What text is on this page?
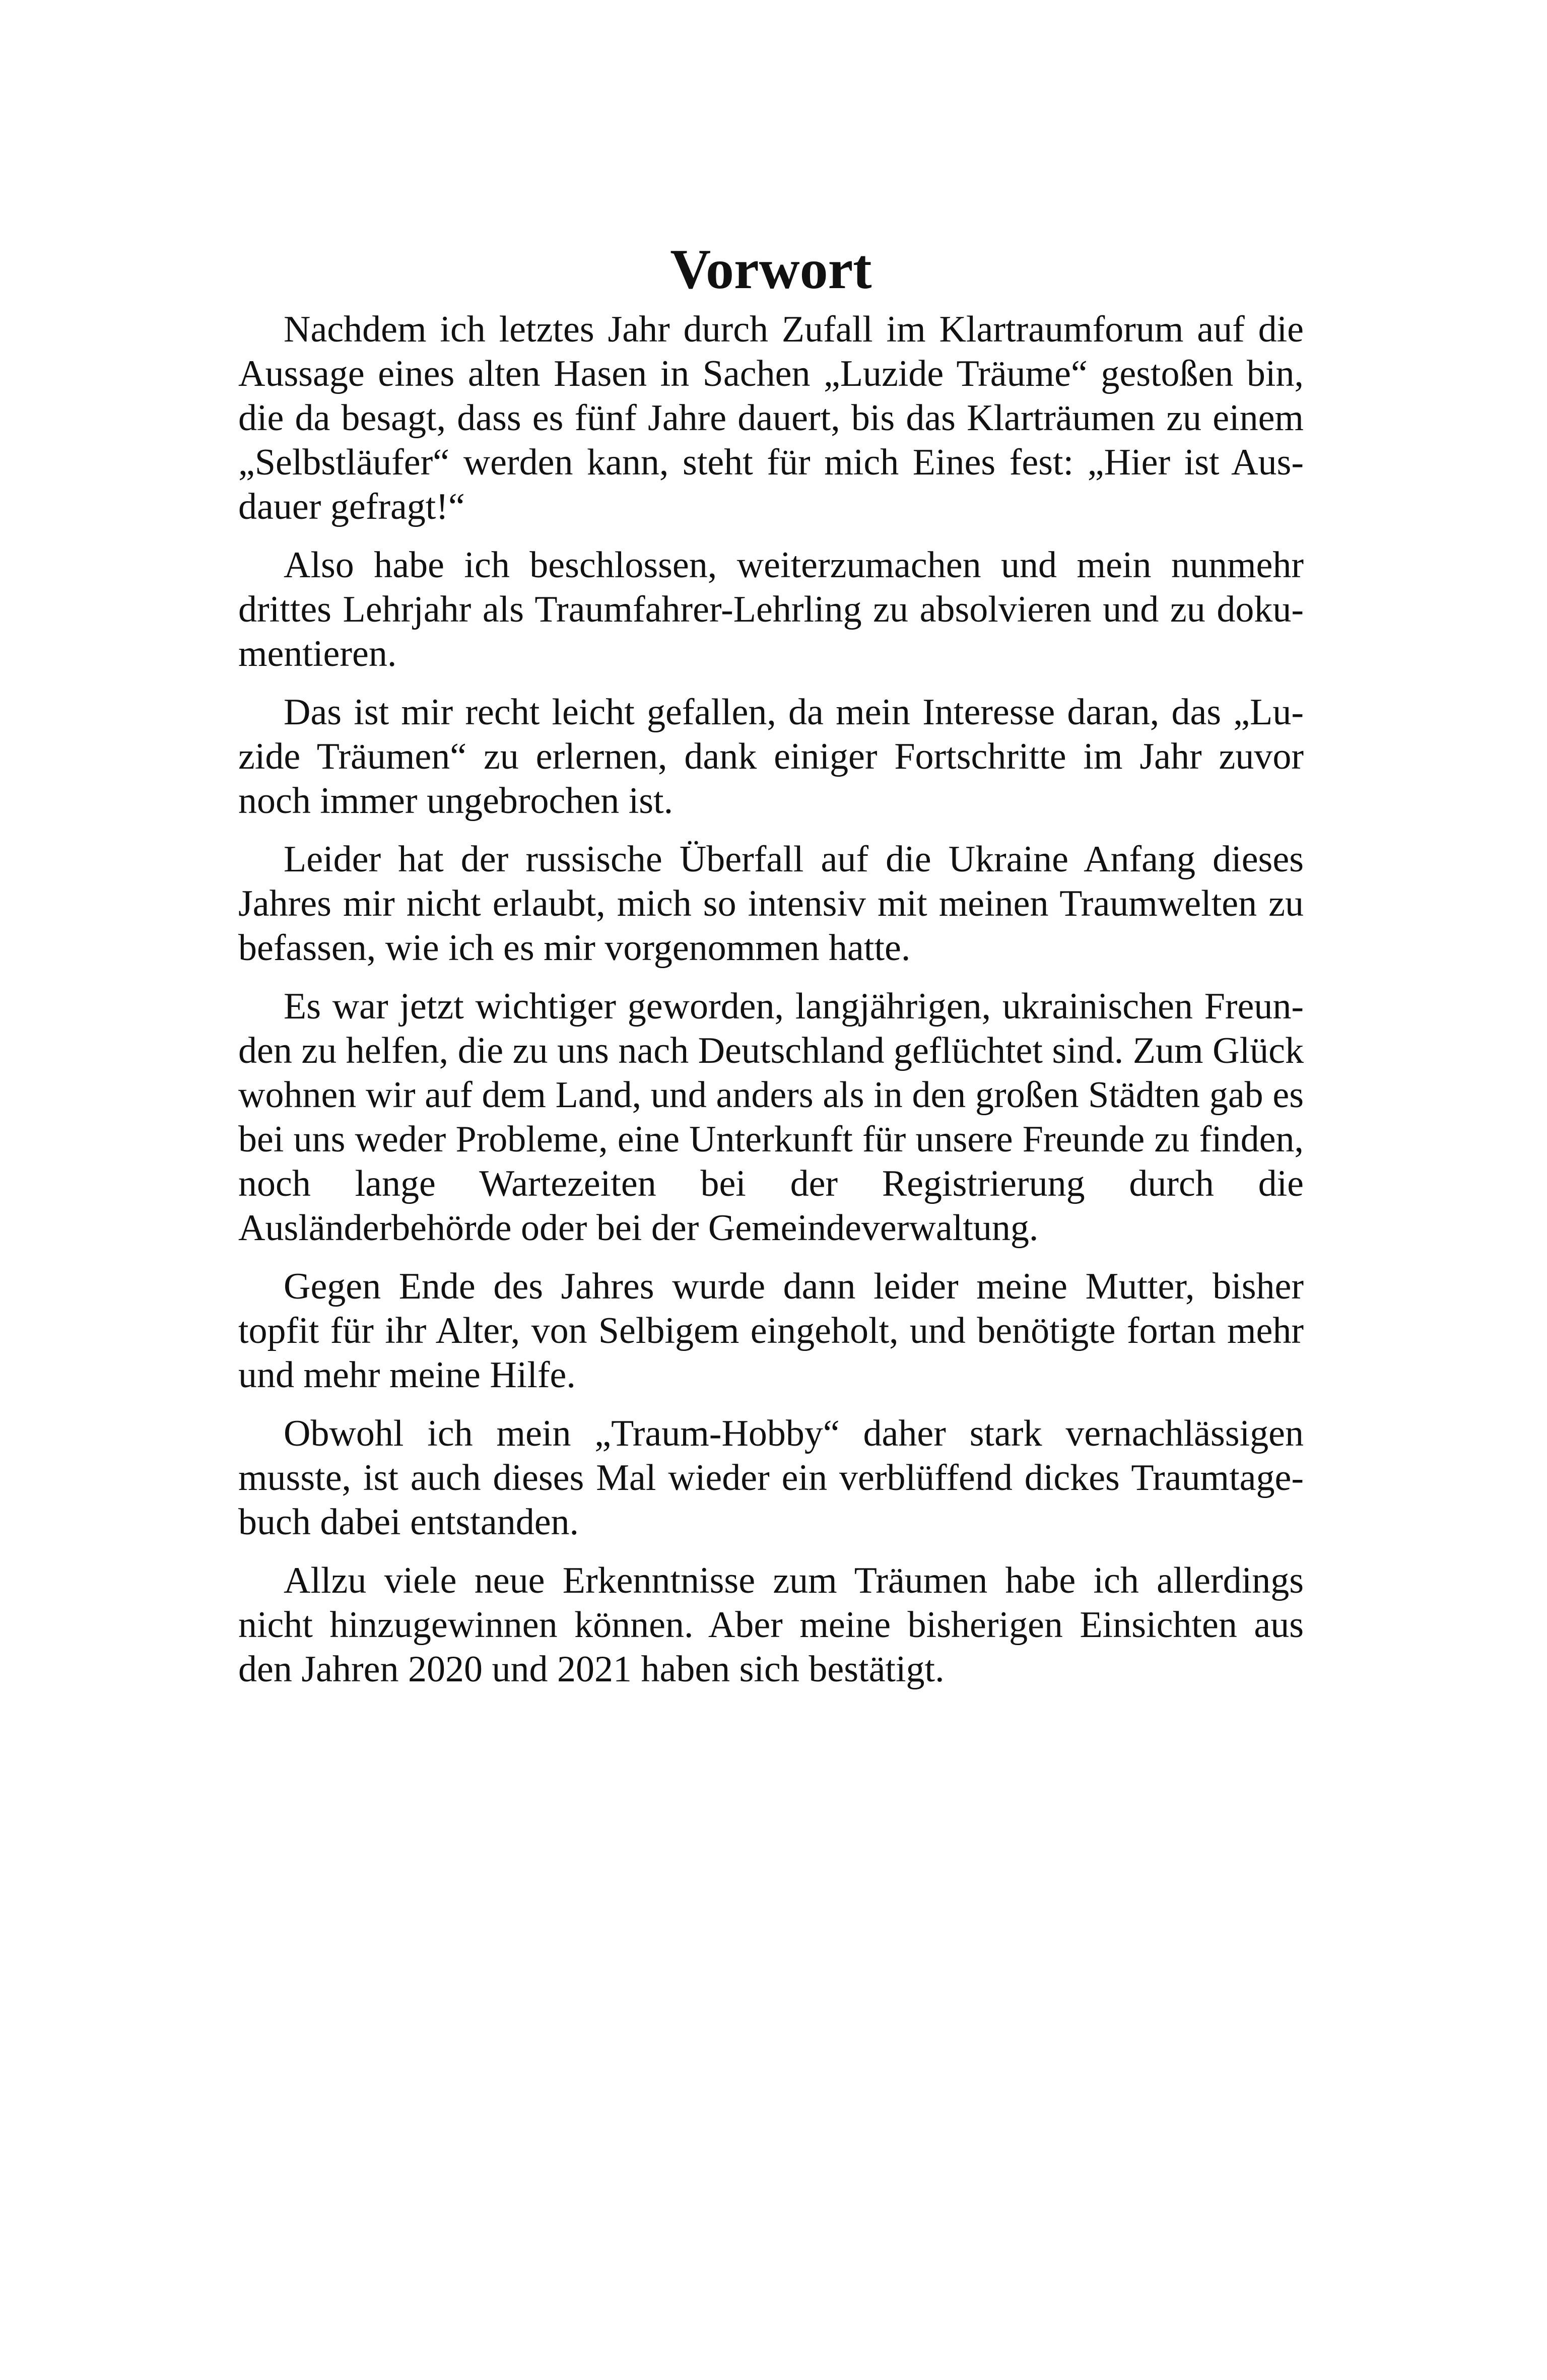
Vorwort

Nachdem ich letztes Jahr durch Zufall im Klartraumforum auf die Aussage eines alten Hasen in Sachen „Luzide Träume“ gestoßen bin, die da besagt, dass es fünf Jahre dauert, bis das Klarträumen zu einem „Selbstläufer“ werden kann, steht für mich Eines fest: „Hier ist Ausdauer gefragt!“

Also habe ich beschlossen, weiterzumachen und mein nunmehr drittes Lehrjahr als Traumfahrer-Lehrling zu absolvieren und zu dokumentieren.

Das ist mir recht leicht gefallen, da mein Interesse daran, das „Luzide Träumen“ zu erlernen, dank einiger Fortschritte im Jahr zuvor noch immer ungebrochen ist.

Leider hat der russische Überfall auf die Ukraine Anfang dieses Jahres mir nicht erlaubt, mich so intensiv mit meinen Traumwelten zu befassen, wie ich es mir vorgenommen hatte.

Es war jetzt wichtiger geworden, langjährigen, ukrainischen Freunden zu helfen, die zu uns nach Deutschland geflüchtet sind. Zum Glück wohnen wir auf dem Land, und anders als in den großen Städten gab es bei uns weder Probleme, eine Unterkunft für unsere Freunde zu finden, noch lange Wartezeiten bei der Registrierung durch die Ausländerbehörde oder bei der Gemeindeverwaltung.

Gegen Ende des Jahres wurde dann leider meine Mutter, bisher topfit für ihr Alter, von Selbigem eingeholt, und benötigte fortan mehr und mehr meine Hilfe.

Obwohl ich mein „Traum-Hobby“ daher stark vernachlässigen musste, ist auch dieses Mal wieder ein verblüffend dickes Traumtagebuch dabei entstanden.

Allzu viele neue Erkenntnisse zum Träumen habe ich allerdings nicht hinzugewinnen können. Aber meine bisherigen Einsichten aus den Jahren 2020 und 2021 haben sich bestätigt.
